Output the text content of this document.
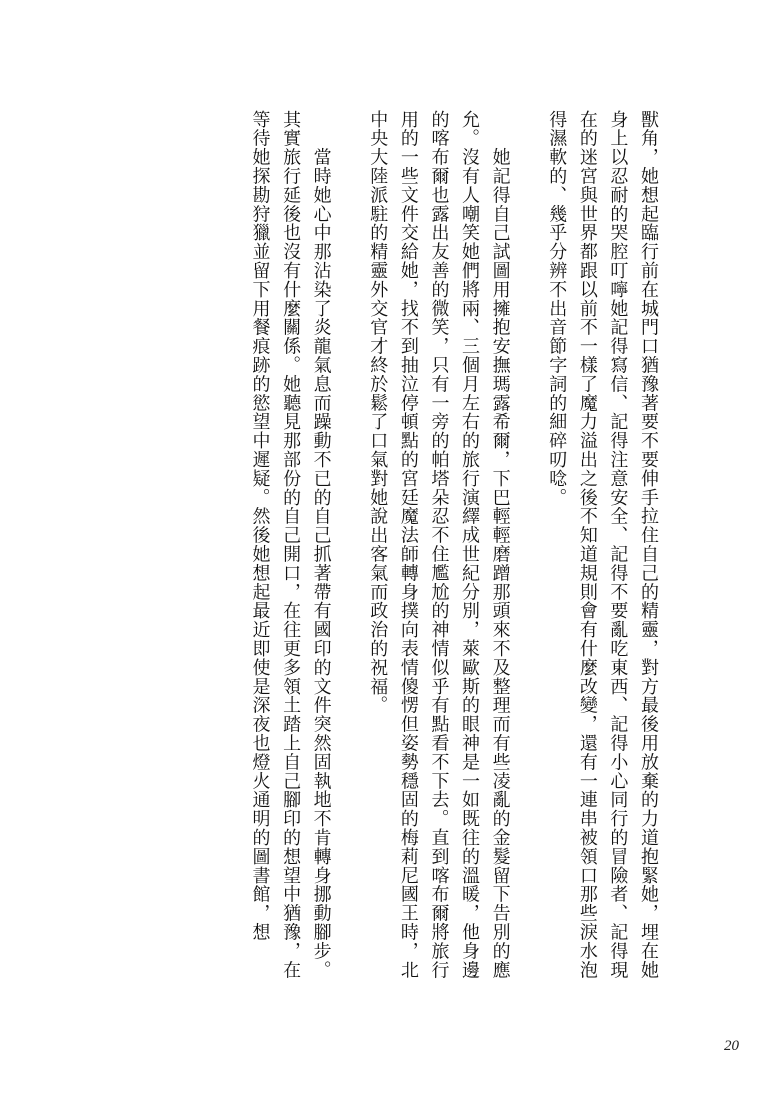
獸角，她想起臨行前在城門口猶豫著要不要伸手拉住自己的精靈，對方最後用放棄的力道抱緊她，埋在她身上以忍耐的哭腔叮嚀她記得寫信、記得注意安全、記得不要亂吃東西、記得小心同行的冒險者、記得現在的迷宮與世界都跟以前不一樣了魔力溢出之後不知道規則會有什麼改變，還有一連串被領口那些淚水泡得濕軟的、幾乎分辨不出音節字詞的細碎叨唸。

　　她記得自己試圖用擁抱安撫瑪露希爾，下巴輕輕磨蹭那頭來不及整理而有些凌亂的金髮留下告別的應允。沒有人嘲笑她們將兩、三個月左右的旅行演繹成世紀分別，萊歐斯的眼神是一如既往的溫暖，他身邊的喀布爾也露出友善的微笑，只有一旁的帕塔朵忍不住尷尬的神情似乎有點看不下去。直到喀布爾將旅行用的一些文件交給她，找不到抽泣停頓點的宮廷魔法師轉身撲向表情傻愣但姿勢穩固的梅莉尼國王時，北中央大陸派駐的精靈外交官才終於鬆了口氣對她說出客氣而政治的祝福。

　　當時她心中那沾染了炎龍氣息而躁動不已的自己抓著帶有國印的文件突然固執地不肯轉身挪動腳步。其實旅行延後也沒有什麼關係。她聽見那部份的自己開口，在往更多領土踏上自己腳印的想望中猶豫，在等待她探勘狩獵並留下用餐痕跡的慾望中遲疑。然後她想起最近即使是深夜也燈火通明的圖書館，想

20
